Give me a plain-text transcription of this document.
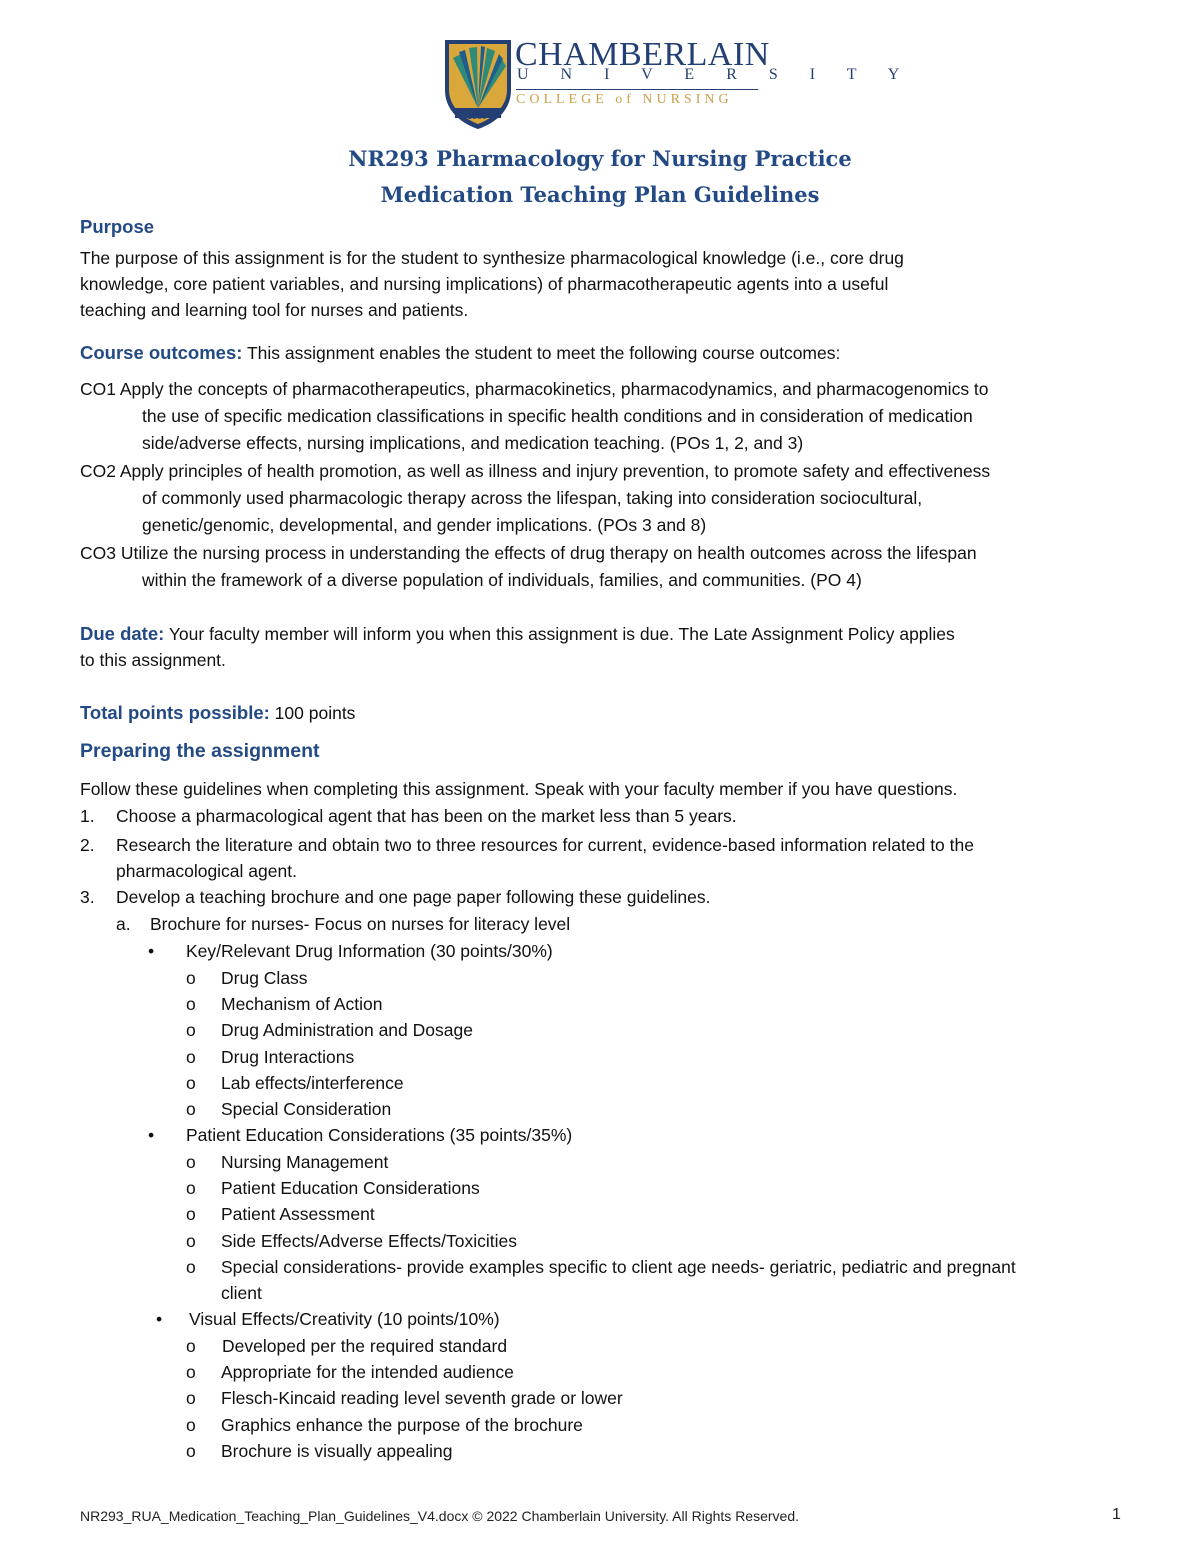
CHAMBERLAIN
U N I V E R S I T Y
COLLEGE of NURSING
1889
NR293 Pharmacology for Nursing Practice
Medication Teaching Plan Guidelines
Purpose
The purpose of this assignment is for the student to synthesize pharmacological knowledge (i.e., core drug
knowledge, core patient variables, and nursing implications) of pharmacotherapeutic agents into a useful
teaching and learning tool for nurses and patients.
Course outcomes: This assignment enables the student to meet the following course outcomes:
CO1 Apply the concepts of pharmacotherapeutics, pharmacokinetics, pharmacodynamics, and pharmacogenomics to
the use of specific medication classifications in specific health conditions and in consideration of medication
side/adverse effects, nursing implications, and medication teaching. (POs 1, 2, and 3)
CO2 Apply principles of health promotion, as well as illness and injury prevention, to promote safety and effectiveness
of commonly used pharmacologic therapy across the lifespan, taking into consideration sociocultural,
genetic/genomic, developmental, and gender implications. (POs 3 and 8)
CO3 Utilize the nursing process in understanding the effects of drug therapy on health outcomes across the lifespan
within the framework of a diverse population of individuals, families, and communities. (PO 4)
Due date: Your faculty member will inform you when this assignment is due. The Late Assignment Policy applies
to this assignment.
Total points possible: 100 points
Preparing the assignment
Follow these guidelines when completing this assignment. Speak with your faculty member if you have questions.
1. Choose a pharmacological agent that has been on the market less than 5 years.
2. Research the literature and obtain two to three resources for current, evidence-based information related to the
pharmacological agent.
3. Develop a teaching brochure and one page paper following these guidelines.
a. Brochure for nurses- Focus on nurses for literacy level
• Key/Relevant Drug Information (30 points/30%)
o Drug Class
o Mechanism of Action
o Drug Administration and Dosage
o Drug Interactions
o Lab effects/interference
o Special Consideration
• Patient Education Considerations (35 points/35%)
o Nursing Management
o Patient Education Considerations
o Patient Assessment
o Side Effects/Adverse Effects/Toxicities
o Special considerations- provide examples specific to client age needs- geriatric, pediatric and pregnant
client
• Visual Effects/Creativity (10 points/10%)
o Developed per the required standard
o Appropriate for the intended audience
o Flesch-Kincaid reading level seventh grade or lower
o Graphics enhance the purpose of the brochure
o Brochure is visually appealing
NR293_RUA_Medication_Teaching_Plan_Guidelines_V4.docx © 2022 Chamberlain University. All Rights Reserved.	1
